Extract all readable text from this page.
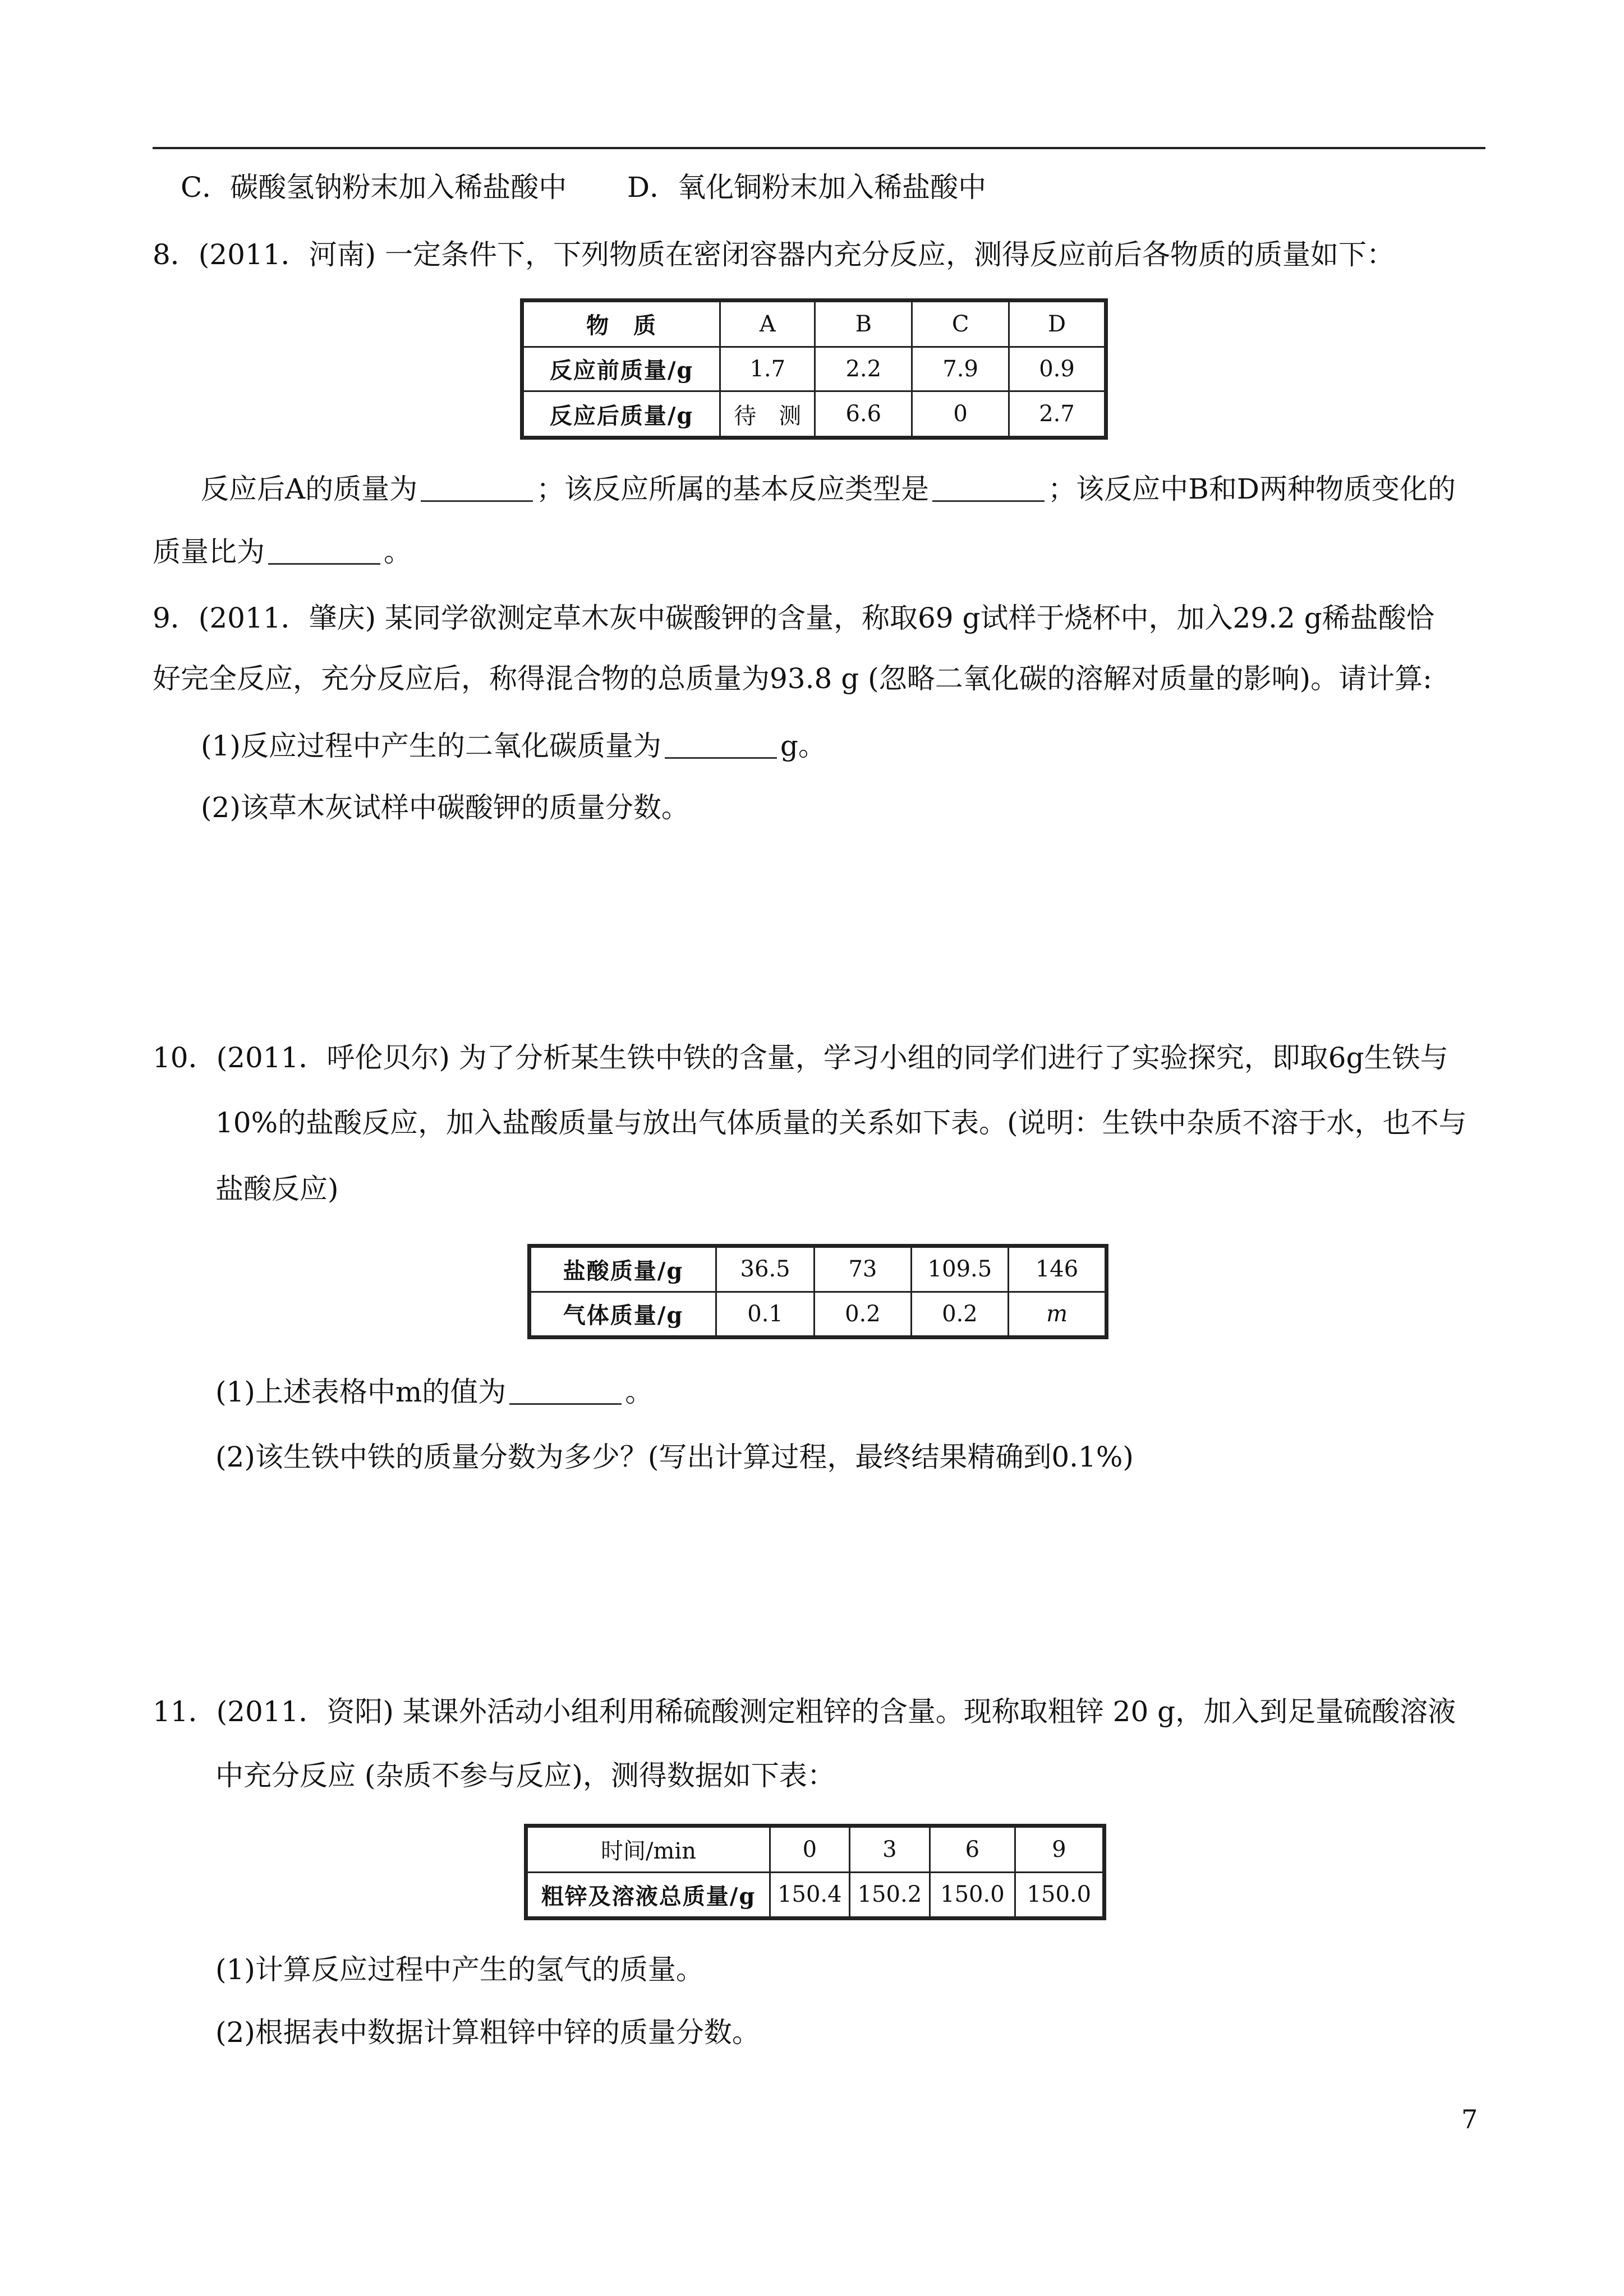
C．碳酸氢钠粉末加入稀盐酸中 D．氧化铜粉末加入稀盐酸中
8．(2011．河南) 一定条件下，下列物质在密闭容器内充分反应，测得反应前后各物质的质量如下：
物　质	A	B	C	D
反应前质量/g	1.7	2.2	7.9	0.9
反应后质量/g	待　测	6.6	0	2.7
反应后A的质量为	；该反应所属的基本反应类型是	；该反应中B和D两种物质变化的
质量比为	。
9．(2011．肇庆) 某同学欲测定草木灰中碳酸钾的含量，称取69 g试样于烧杯中，加入29.2 g稀盐酸恰
好完全反应，充分反应后，称得混合物的总质量为93.8 g (忽略二氧化碳的溶解对质量的影响)。请计算:
(1)反应过程中产生的二氧化碳质量为	g。
(2)该草木灰试样中碳酸钾的质量分数。
10．(2011．呼伦贝尔) 为了分析某生铁中铁的含量，学习小组的同学们进行了实验探究，即取6g生铁与
10%的盐酸反应，加入盐酸质量与放出气体质量的关系如下表。(说明：生铁中杂质不溶于水，也不与
盐酸反应)
盐酸质量/g	36.5	73	109.5	146
气体质量/g	0.1	0.2	0.2	m
(1)上述表格中m的值为	。
(2)该生铁中铁的质量分数为多少？(写出计算过程，最终结果精确到0.1%)
11．(2011．资阳) 某课外活动小组利用稀硫酸测定粗锌的含量。现称取粗锌 20 g，加入到足量硫酸溶液
中充分反应 (杂质不参与反应)，测得数据如下表：
时间/min	0	3	6	9
粗锌及溶液总质量/g	150.4	150.2	150.0	150.0
(1)计算反应过程中产生的氢气的质量。
(2)根据表中数据计算粗锌中锌的质量分数。
7
